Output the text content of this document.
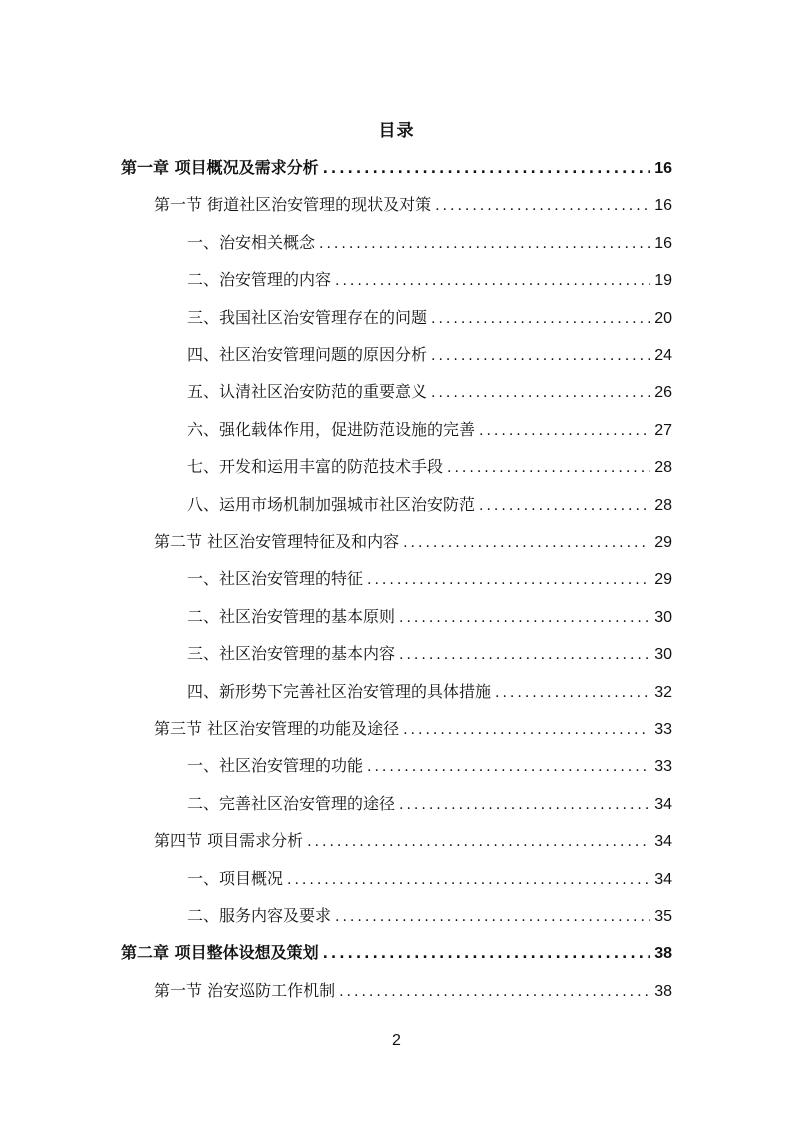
目录
第一章 项目概况及需求分析 .....	16
第一节 街道社区治安管理的现状及对策 .....	16
一、治安相关概念 .....	16
二、治安管理的内容 .....	19
三、我国社区治安管理存在的问题 .....	20
四、社区治安管理问题的原因分析 .....	24
五、认清社区治安防范的重要意义 .....	26
六、强化载体作用，促进防范设施的完善 .....	27
七、开发和运用丰富的防范技术手段 .....	28
八、运用市场机制加强城市社区治安防范 .....	28
第二节 社区治安管理特征及和内容 .....	29
一、社区治安管理的特征 .....	29
二、社区治安管理的基本原则 .....	30
三、社区治安管理的基本内容 .....	30
四、新形势下完善社区治安管理的具体措施 .....	32
第三节 社区治安管理的功能及途径 .....	33
一、社区治安管理的功能 .....	33
二、完善社区治安管理的途径 .....	34
第四节 项目需求分析 .....	34
一、项目概况 .....	34
二、服务内容及要求 .....	35
第二章 项目整体设想及策划 .....	38
第一节 治安巡防工作机制 .....	38
2
